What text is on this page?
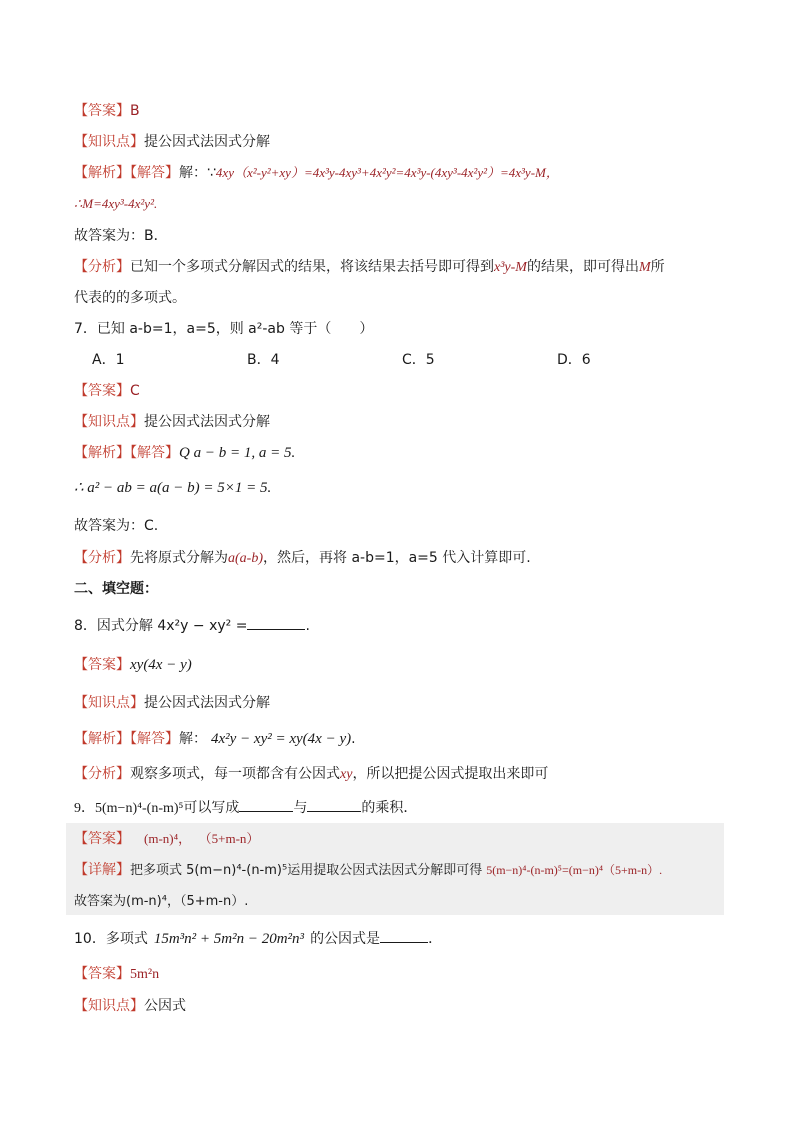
【答案】B
【知识点】提公因式法因式分解
【解析】【解答】解：∵4xy（x²-y²+xy）=4x³y-4xy³+4x²y²=4x³y-(4xy³-4x²y²）=4x³y-M，
∴M=4xy³-4x²y².
故答案为：B．
【分析】已知一个多项式分解因式的结果，将该结果去括号即可得到x³y-M的结果，即可得出M所
代表的的多项式。
7．已知 a-b=1，a=5，则 a²-ab 等于（　　）
A．1	B．4	C．5	D．6
【答案】C
【知识点】提公因式法因式分解
【解析】【解答】Q a − b = 1, a = 5.
∴ a² − ab = a(a − b) = 5×1 = 5.
故答案为：C.
【分析】先将原式分解为a(a-b)，然后，再将 a-b=1，a=5 代入计算即可.
二、填空题：
8．因式分解 4x²y − xy² =	.
【答案】xy(4x − y)
【知识点】提公因式法因式分解
【解析】【解答】解： 4x²y − xy² = xy(4x − y).
【分析】观察多项式，每一项都含有公因式xy，所以把提公因式提取出来即可
9．5(m−n)⁴-(n-m)⁵可以写成	与	的乘积．
【答案】 (m-n)⁴， （5+m-n）
【详解】把多项式 5(m−n)⁴-(n-m)⁵运用提取公因式法因式分解即可得 5(m−n)⁴-(n-m)⁵=(m−n)⁴（5+m-n）.
故答案为(m-n)⁴，（5+m-n）.
10．多项式 15m³n² + 5m²n − 20m²n³ 的公因式是	．
【答案】5m²n
【知识点】公因式
